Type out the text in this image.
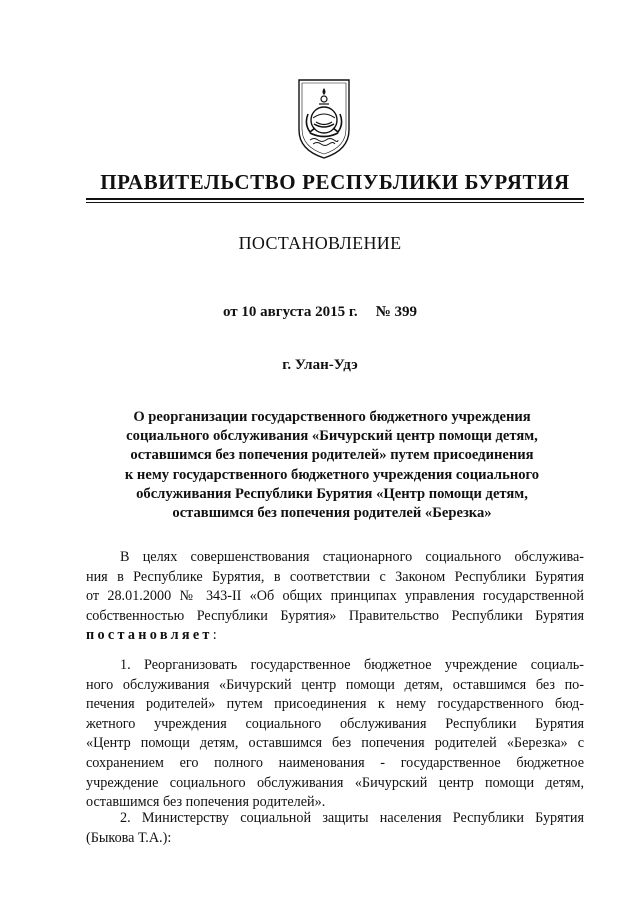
ПРАВИТЕЛЬСТВО РЕСПУБЛИКИ БУРЯТИЯ
ПОСТАНОВЛЕНИЕ
от 10 августа 2015 г. № 399
г. Улан-Удэ
О реорганизации государственного бюджетного учреждения
социального обслуживания «Бичурский центр помощи детям,
оставшимся без попечения родителей» путем присоединения
к нему государственного бюджетного учреждения социального
обслуживания Республики Бурятия «Центр помощи детям,
оставшимся без попечения родителей «Березка»
В целях совершенствования стационарного социального обслужива-
ния в Республике Бурятия, в соответствии с Законом Республики Бурятия
от 28.01.2000 № 343-II «Об общих принципах управления государственной
собственностью Республики Бурятия» Правительство Республики Бурятия
постановляет:
1. Реорганизовать государственное бюджетное учреждение социаль-
ного обслуживания «Бичурский центр помощи детям, оставшимся без по-
печения родителей» путем присоединения к нему государственного бюд-
жетного учреждения социального обслуживания Республики Бурятия
«Центр помощи детям, оставшимся без попечения родителей «Березка» с
сохранением его полного наименования - государственное бюджетное
учреждение социального обслуживания «Бичурский центр помощи детям,
оставшимся без попечения родителей».
2. Министерству социальной защиты населения Республики Бурятия
(Быкова Т.А.):
